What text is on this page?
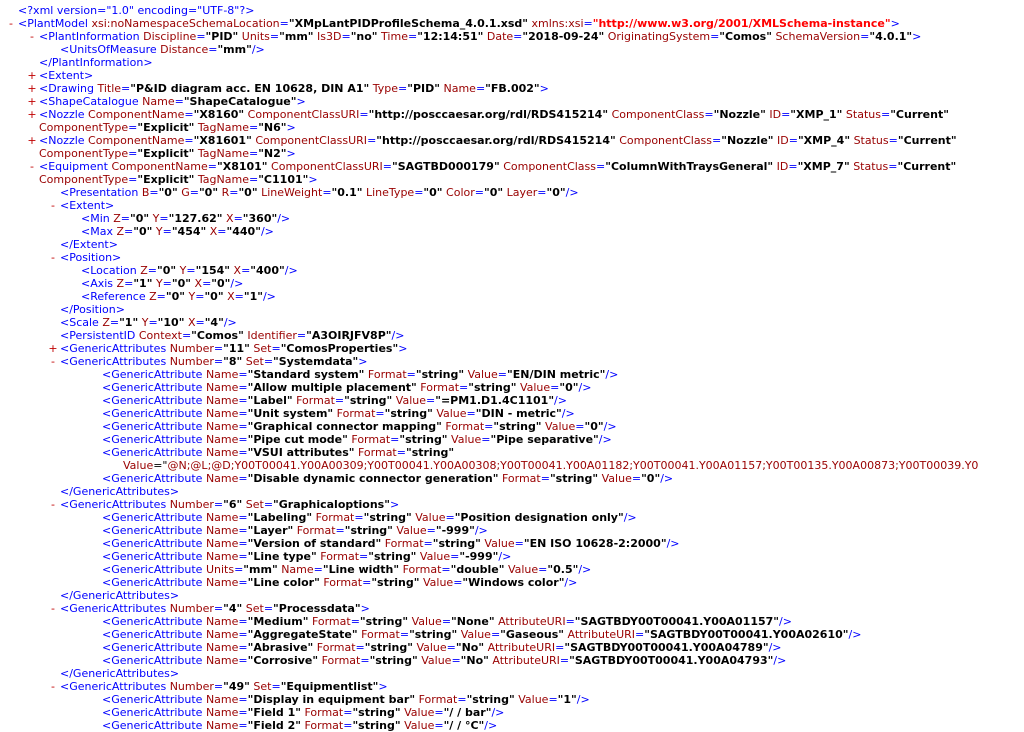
<?xml version="1.0" encoding="UTF-8"?>
- <PlantModel xsi:noNamespaceSchemaLocation="XMpLantPIDProfileSchema_4.0.1.xsd" xmlns:xsi="http://www.w3.org/2001/XMLSchema-instance">
- <PlantInformation Discipline="PID" Units="mm" Is3D="no" Time="12:14:51" Date="2018-09-24" OriginatingSystem="Comos" SchemaVersion="4.0.1">
<UnitsOfMeasure Distance="mm"/>
</PlantInformation>
+ <Extent>
+ <Drawing Title="P&ID diagram acc. EN 10628, DIN A1" Type="PID" Name="FB.002">
+ <ShapeCatalogue Name="ShapeCatalogue">
+ <Nozzle ComponentName="X8160" ComponentClassURI="http://posccaesar.org/rdl/RDS415214" ComponentClass="Nozzle" ID="XMP_1" Status="Current"
ComponentType="Explicit" TagName="N6">
+ <Nozzle ComponentName="X81601" ComponentClassURI="http://posccaesar.org/rdl/RDS415214" ComponentClass="Nozzle" ID="XMP_4" Status="Current"
ComponentType="Explicit" TagName="N2">
- <Equipment ComponentName="X8101" ComponentClassURI="SAGTBD000179" ComponentClass="ColumnWithTraysGeneral" ID="XMP_7" Status="Current"
ComponentType="Explicit" TagName="C1101">
<Presentation B="0" G="0" R="0" LineWeight="0.1" LineType="0" Color="0" Layer="0"/>
- <Extent>
<Min Z="0" Y="127.62" X="360"/>
<Max Z="0" Y="454" X="440"/>
</Extent>
- <Position>
<Location Z="0" Y="154" X="400"/>
<Axis Z="1" Y="0" X="0"/>
<Reference Z="0" Y="0" X="1"/>
</Position>
<Scale Z="1" Y="10" X="4"/>
<PersistentID Context="Comos" Identifier="A3OIRJFV8P"/>
+ <GenericAttributes Number="11" Set="ComosProperties">
- <GenericAttributes Number="8" Set="Systemdata">
<GenericAttribute Name="Standard system" Format="string" Value="EN/DIN metric"/>
<GenericAttribute Name="Allow multiple placement" Format="string" Value="0"/>
<GenericAttribute Name="Label" Format="string" Value="=PM1.D1.4C1101"/>
<GenericAttribute Name="Unit system" Format="string" Value="DIN - metric"/>
<GenericAttribute Name="Graphical connector mapping" Format="string" Value="0"/>
<GenericAttribute Name="Pipe cut mode" Format="string" Value="Pipe separative"/>
<GenericAttribute Name="VSUI attributes" Format="string"
Value="@N;@L;@D;Y00T00041.Y00A00309;Y00T00041.Y00A00308;Y00T00041.Y00A01182;Y00T00041.Y00A01157;Y00T00135.Y00A00873;Y00T00039.Y0
<GenericAttribute Name="Disable dynamic connector generation" Format="string" Value="0"/>
</GenericAttributes>
- <GenericAttributes Number="6" Set="Graphicaloptions">
<GenericAttribute Name="Labeling" Format="string" Value="Position designation only"/>
<GenericAttribute Name="Layer" Format="string" Value="-999"/>
<GenericAttribute Name="Version of standard" Format="string" Value="EN ISO 10628-2:2000"/>
<GenericAttribute Name="Line type" Format="string" Value="-999"/>
<GenericAttribute Units="mm" Name="Line width" Format="double" Value="0.5"/>
<GenericAttribute Name="Line color" Format="string" Value="Windows color"/>
</GenericAttributes>
- <GenericAttributes Number="4" Set="Processdata">
<GenericAttribute Name="Medium" Format="string" Value="None" AttributeURI="SAGTBDY00T00041.Y00A01157"/>
<GenericAttribute Name="AggregateState" Format="string" Value="Gaseous" AttributeURI="SAGTBDY00T00041.Y00A02610"/>
<GenericAttribute Name="Abrasive" Format="string" Value="No" AttributeURI="SAGTBDY00T00041.Y00A04789"/>
<GenericAttribute Name="Corrosive" Format="string" Value="No" AttributeURI="SAGTBDY00T00041.Y00A04793"/>
</GenericAttributes>
- <GenericAttributes Number="49" Set="Equipmentlist">
<GenericAttribute Name="Display in equipment bar" Format="string" Value="1"/>
<GenericAttribute Name="Field 1" Format="string" Value="/ / bar"/>
<GenericAttribute Name="Field 2" Format="string" Value="/ / °C"/>
